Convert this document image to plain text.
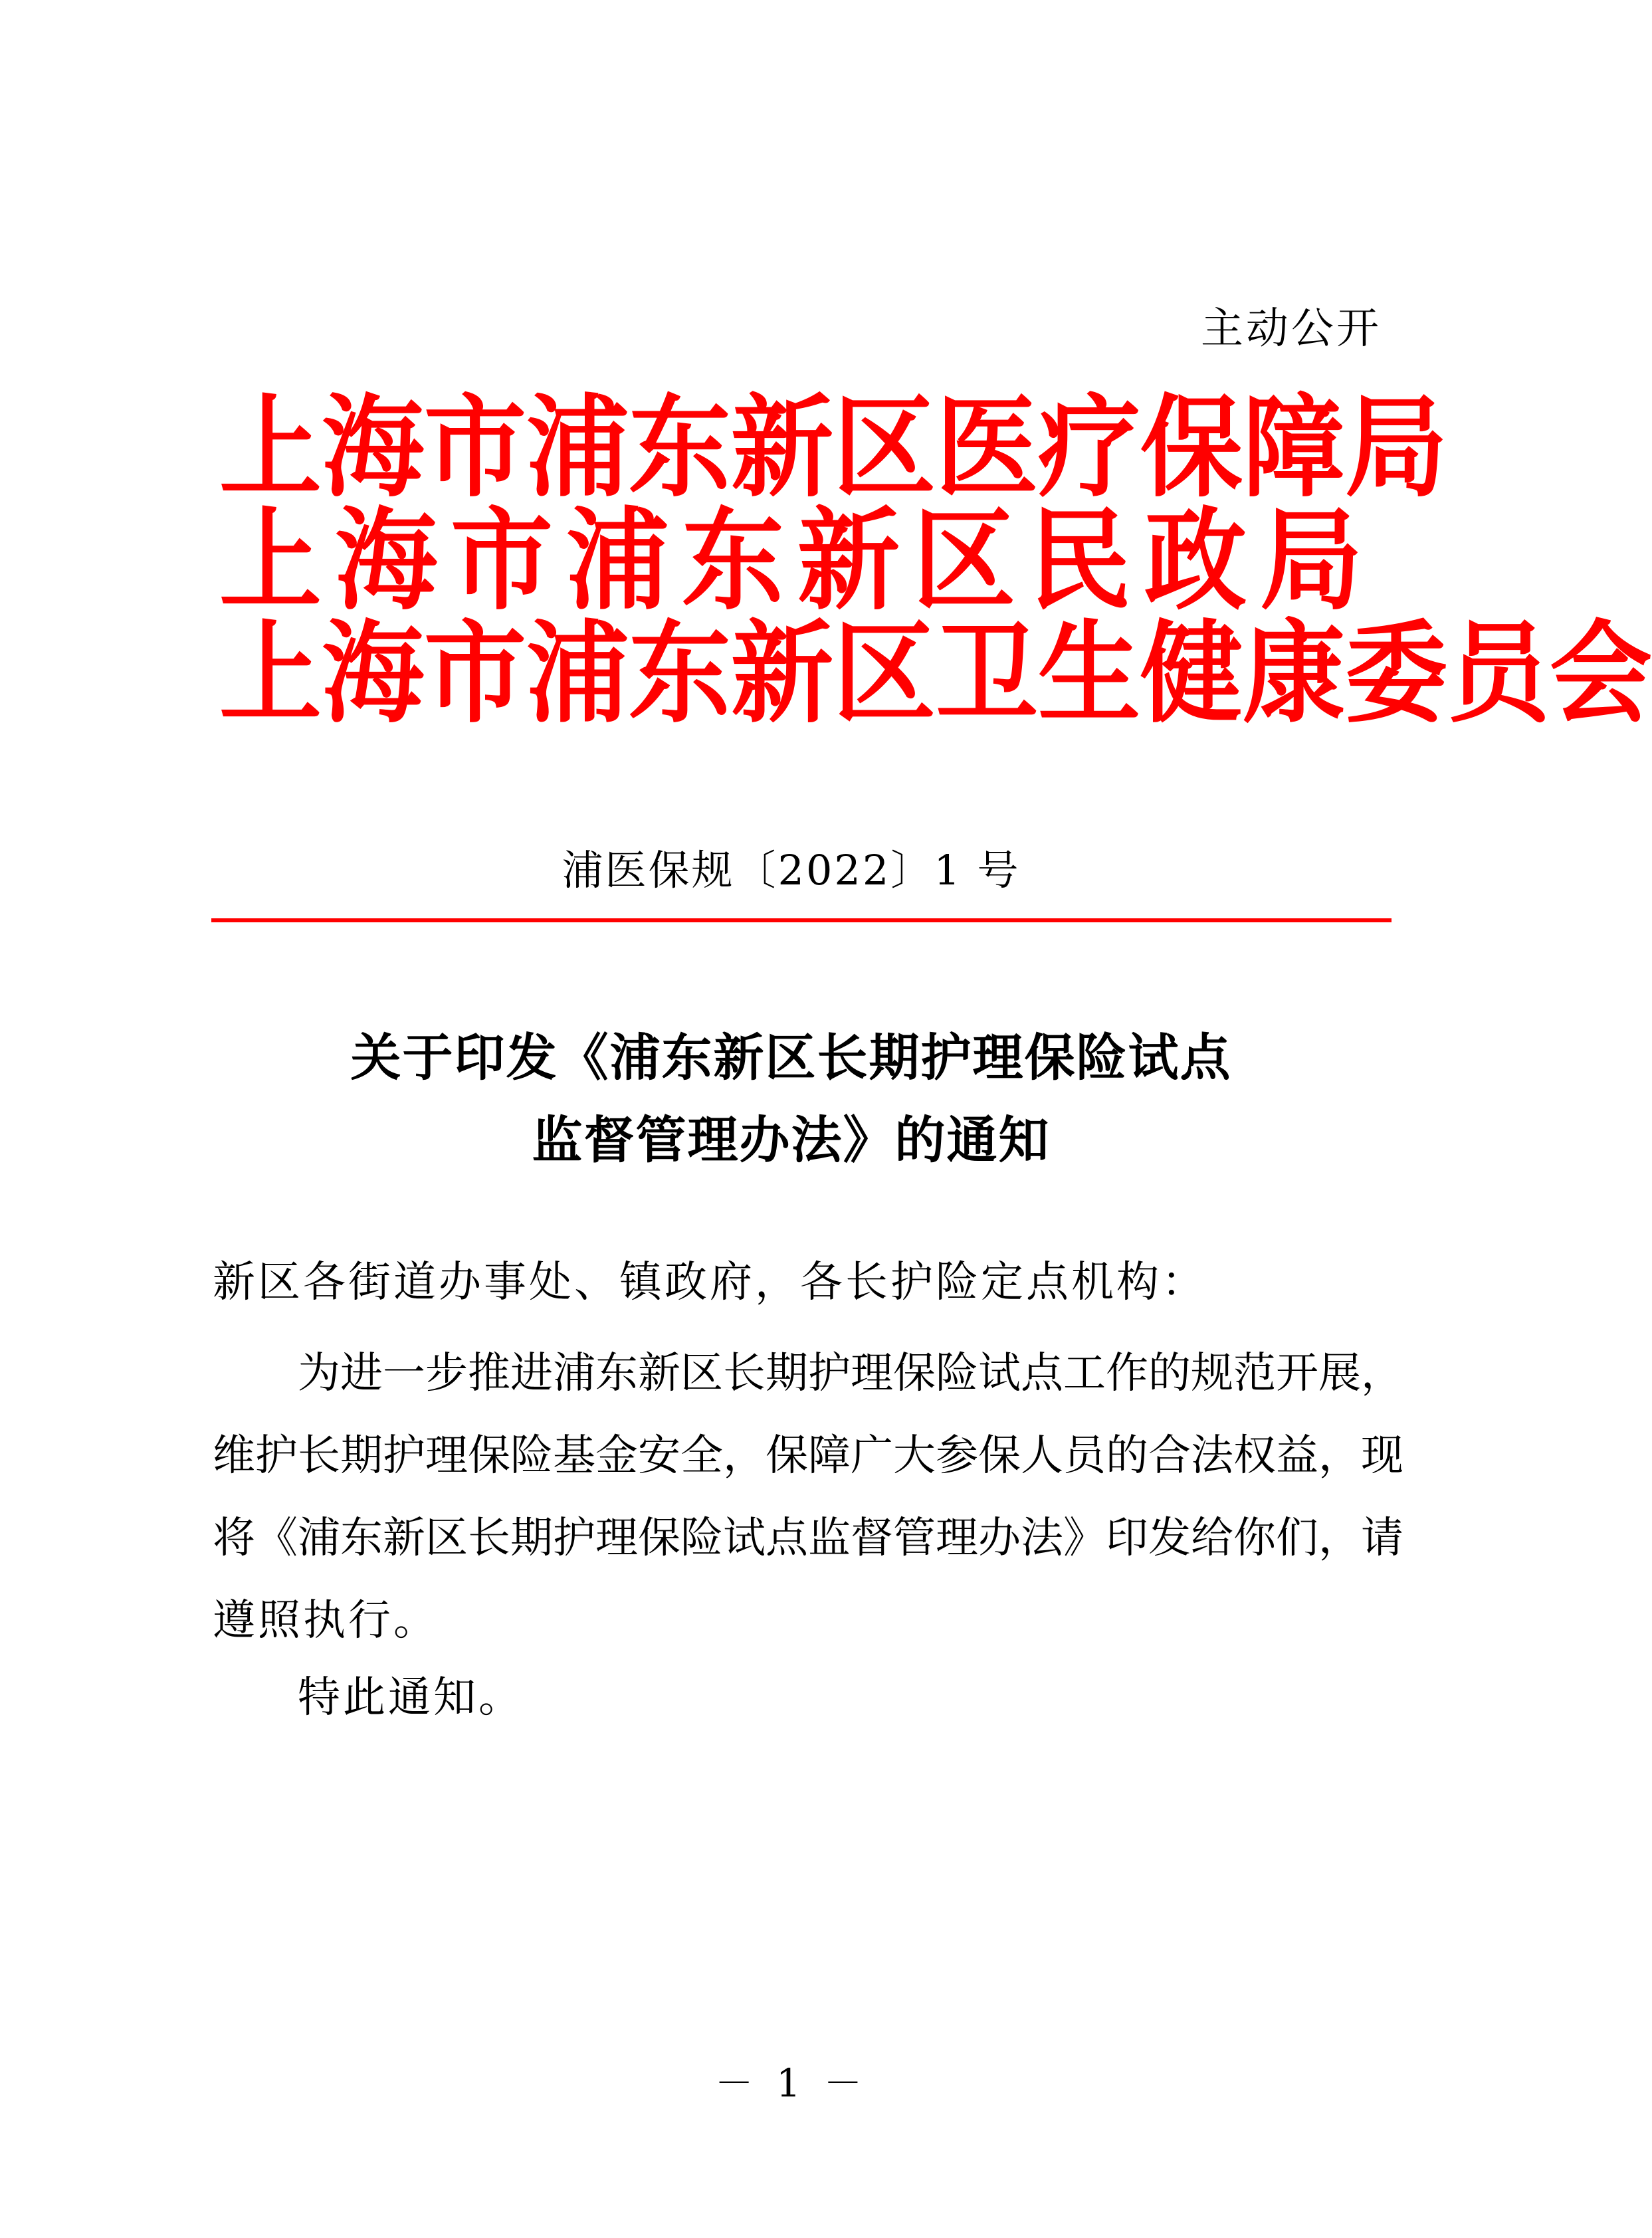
主动公开
上 海 市 浦 东 新 区 医 疗 保 障 局
上 海 市 浦 东 新 区 民 政 局
上 海 市 浦 东 新 区 卫 生 健 康 委 员 会
浦医保规〔2022〕1 号
关于印发《浦东新区长期护理保险试点
监督管理办法》的通知
新区各街道办事处、镇政府，各长护险定点机构：
为进一步推进浦东新区长期护理保险试点工作的规范开展，
维护长期护理保险基金安全，保障广大参保人员的合法权益，现
将《浦东新区长期护理保险试点监督管理办法》印发给你们，请
遵照执行。
特此通知。
－ 1 －
